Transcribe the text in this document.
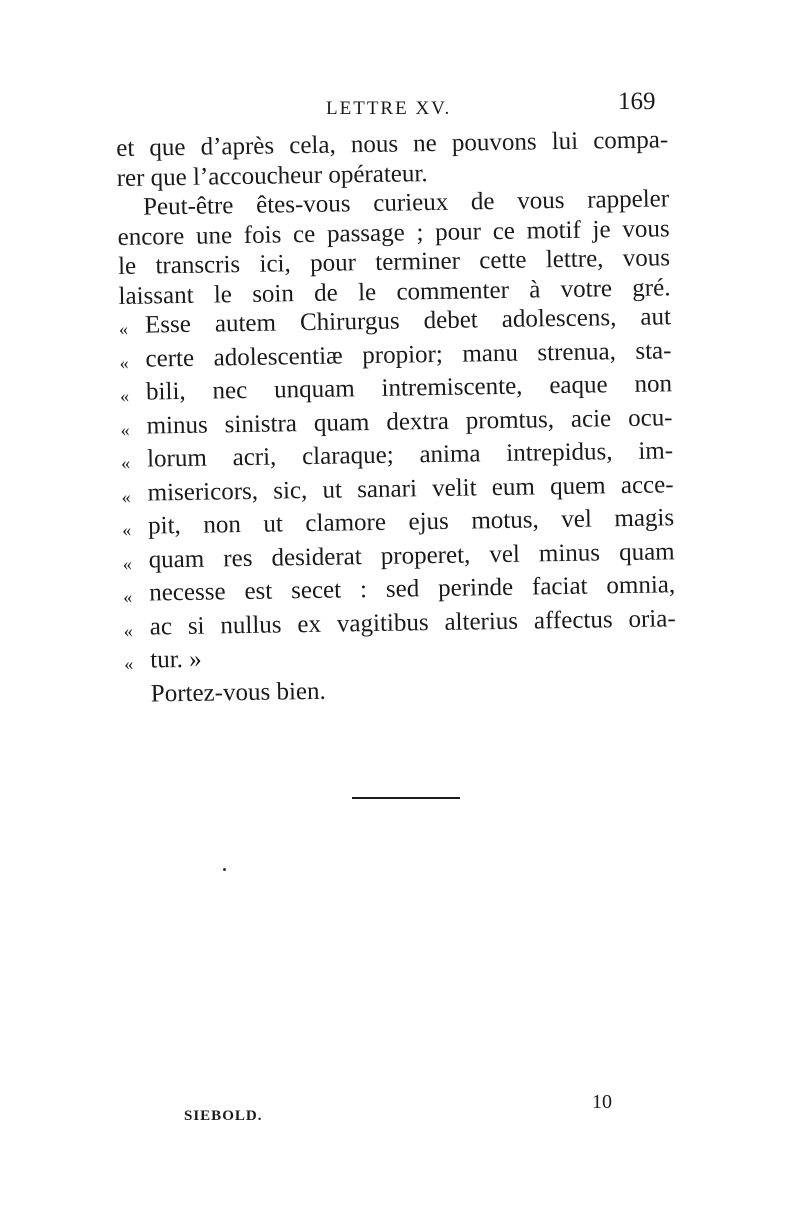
LETTRE XV.	169
et que d’après cela, nous ne pouvons lui compa-
rer que l’accoucheur opérateur.
Peut-être êtes-vous curieux de vous rappeler
encore une fois ce passage ; pour ce motif je vous
le transcris ici, pour terminer cette lettre, vous
laissant le soin de le commenter à votre gré.
« Esse autem Chirurgus debet adolescens, aut
« certe adolescentiæ propior; manu strenua, sta-
« bili, nec unquam intremiscente, eaque non
« minus sinistra quam dextra promtus, acie ocu-
« lorum acri, claraque; anima intrepidus, im-
« misericors, sic, ut sanari velit eum quem acce-
« pit, non ut clamore ejus motus, vel magis
« quam res desiderat properet, vel minus quam
« necesse est secet : sed perinde faciat omnia,
« ac si nullus ex vagitibus alterius affectus oria-
« tur. »
Portez-vous bien.
SIEBOLD.
10
